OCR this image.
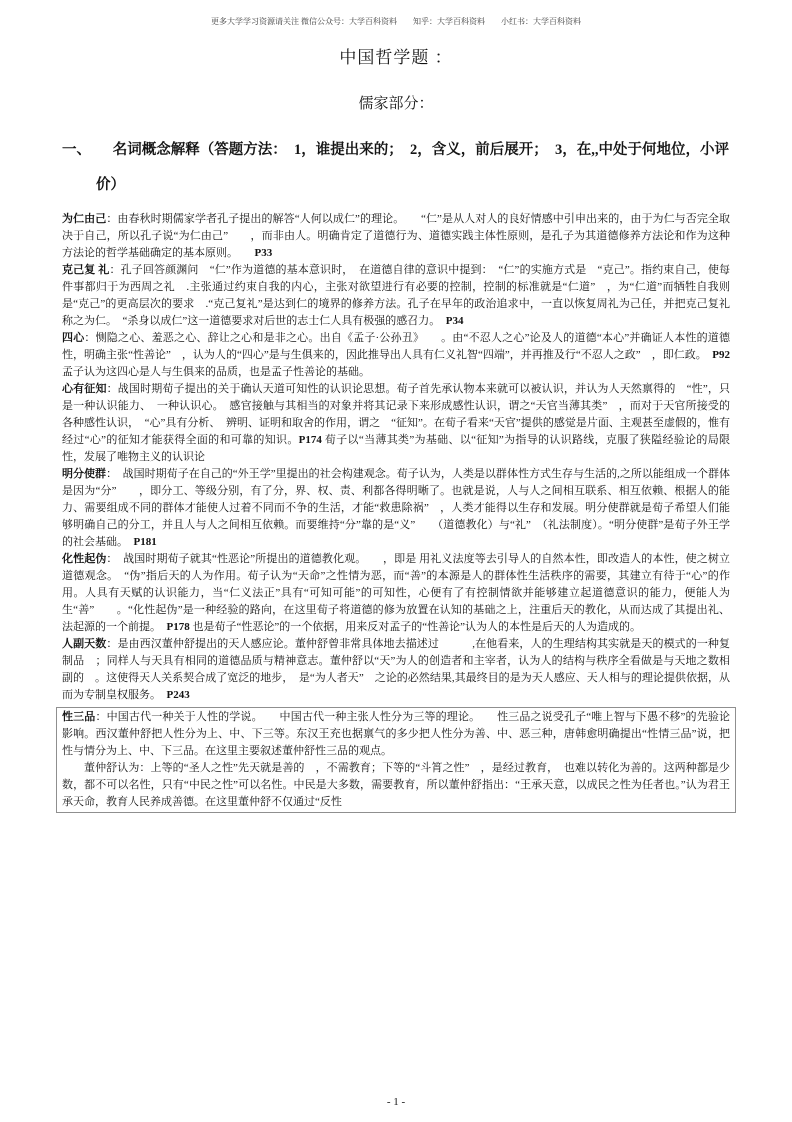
更多大学学习资源请关注 微信公众号：大学百科资料　　知乎：大学百科资料　　小红书：大学百科资料
中国哲学题 ：
儒家部分：
一、　　名词概念解释（答题方法：　1，谁提出来的；　2，含义，前后展开；　3，在,,中处于何地位，小评价）

为仁由己：由春秋时期儒家学者孔子提出的解答“人何以成仁”的理论。　　“仁”是从人对人的良好情感中引申出来的，由于为仁与否完全取决于自己，所以孔子说“为仁由己”　　，而非由人。明确肯定了道德行为、道德实践主体性原则，是孔子为其道德修养方法论和作为这种方法论的哲学基础确定的基本原则。　　P33

克己复 礼：孔子回答颜渊问　“仁”作为道德的基本意识时，　在道德自律的意识中提到：　“仁”的实施方式是　“克己”。指约束自己，使每件事都归于为西周之礼　.主张通过约束自我的内心，主张对欲望进行有必要的控制，控制的标准就是“仁道”　，为“仁道”而牺牲自我则是“克己”的更高层次的要求　.“克己复礼”是达到仁的境界的修养方法。孔子在早年的政治追求中，一直以恢复周礼为己任，并把克己复礼称之为仁。　“杀身以成仁”这一道德要求对后世的志士仁人具有极强的感召力。　P34

四心：恻隐之心、羞恶之心、辞让之心和是非之心。出自《孟子·公孙丑》　　。由“不忍人之心”论及人的道德“本心”并确证人本性的道德性，明确主张“性善论”　，认为人的“四心”是与生俱来的，因此推导出人具有仁义礼智“四端”，并再推及行“不忍人之政”　，即仁政。　P92 孟子认为这四心是人与生俱来的品质，也是孟子性善论的基础。

心有征知：战国时期荀子提出的关于确认天道可知性的认识论思想。荀子首先承认物本来就可以被认识，并认为人天然禀得的　“性”，只是一种认识能力、　一种认识心。　感官接触与其相当的对象并将其记录下来形成感性认识，谓之“天官当薄其类”　，而对于天官所接受的各种感性认识，　“心”具有分析、　辨明、证明和取舍的作用，谓之　“征知”。在荀子看来“天官”提供的感觉是片面、主观甚至虚假的，惟有经过“心”的征知才能获得全面的和可靠的知识。P174 荀子以“当薄其类”为基础、以“征知”为指导的认识路线，克服了狭隘经验论的局限性，发展了唯物主义的认识论

明分使群：　战国时期荀子在自己的“外王学”里提出的社会构建观念。荀子认为，人类是以群体性方式生存与生活的,之所以能组成一个群体是因为“分”　　，即分工、等级分别，有了分，界、权、责、利都各得明晰了。也就是说，人与人之间相互联系、相互依赖、根据人的能力、需要组成不同的群体才能使人过着不同而不争的生活，才能“救患除祸”　，人类才能得以生存和发展。明分使群就是荀子希望人们能够明确自己的分工，并且人与人之间相互依赖。而要维持“分”靠的是“义”　　（道德教化）与“礼”　（礼法制度）。“明分使群”是荀子外王学的社会基础。　P181

化性起伪：　战国时期荀子就其“性恶论”所提出的道德教化观。　　，即是 用礼义法度等去引导人的自然本性，即改造人的本性，使之树立道德观念。　“伪”指后天的人为作用。荀子认为“天命”之性情为恶，而“善”的本源是人的群体性生活秩序的需要，其建立有待于“心”的作用。人具有天赋的认识能力，当“仁义法正”具有“可知可能”的可知性，心便有了有控制情欲并能够建立起道德意识的能力，便能人为生“善”　　。“化性起伪”是一种经验的路向，在这里荀子将道德的修为放置在认知的基础之上，注重后天的教化，从而达成了其提出礼、法起源的一个前提。　P178 也是荀子“性恶论”的一个依据，用来反对孟子的“性善论”认为人的本性是后天的人为造成的。

人副天数：是由西汉董仲舒提出的天人感应论。董仲舒曾非常具体地去描述过　　　,在他看来，人的生理结构其实就是天的模式的一种复制品　；同样人与天具有相同的道德品质与精神意志。董仲舒以“天”为人的创造者和主宰者，认为人的结构与秩序全看做是与天地之数相副的　。这使得天人关系契合成了宽泛的地步，　是“为人者天”　之论的必然结果,其最终目的是为天人感应、天人相与的理论提供依据，从而为专制皇权服务。　P243

性三品：中国古代一种关于人性的学说。　　中国古代一种主张人性分为三等的理论。　　性三品之说受孔子“唯上智与下愚不移”的先验论影响。西汉董仲舒把人性分为上、中、下三等。东汉王充也据禀气的多少把人性分为善、中、恶三种，唐韩愈明确提出“性情三品”说，把性与情分为上、中、下三品。在这里主要叙述董仲舒性三品的观点。

董仲舒认为：上等的“圣人之性”先天就是善的　，不需教育；下等的“斗筲之性”　，是经过教育，　也难以转化为善的。这两种都是少数，都不可以名性，只有“中民之性”可以名性。中民是大多数，需要教育，所以董仲舒指出：“王承天意，以成民之性为任者也。”认为君王承天命，教育人民养成善德。在这里董仲舒不仅通过“反性

- 1 -
